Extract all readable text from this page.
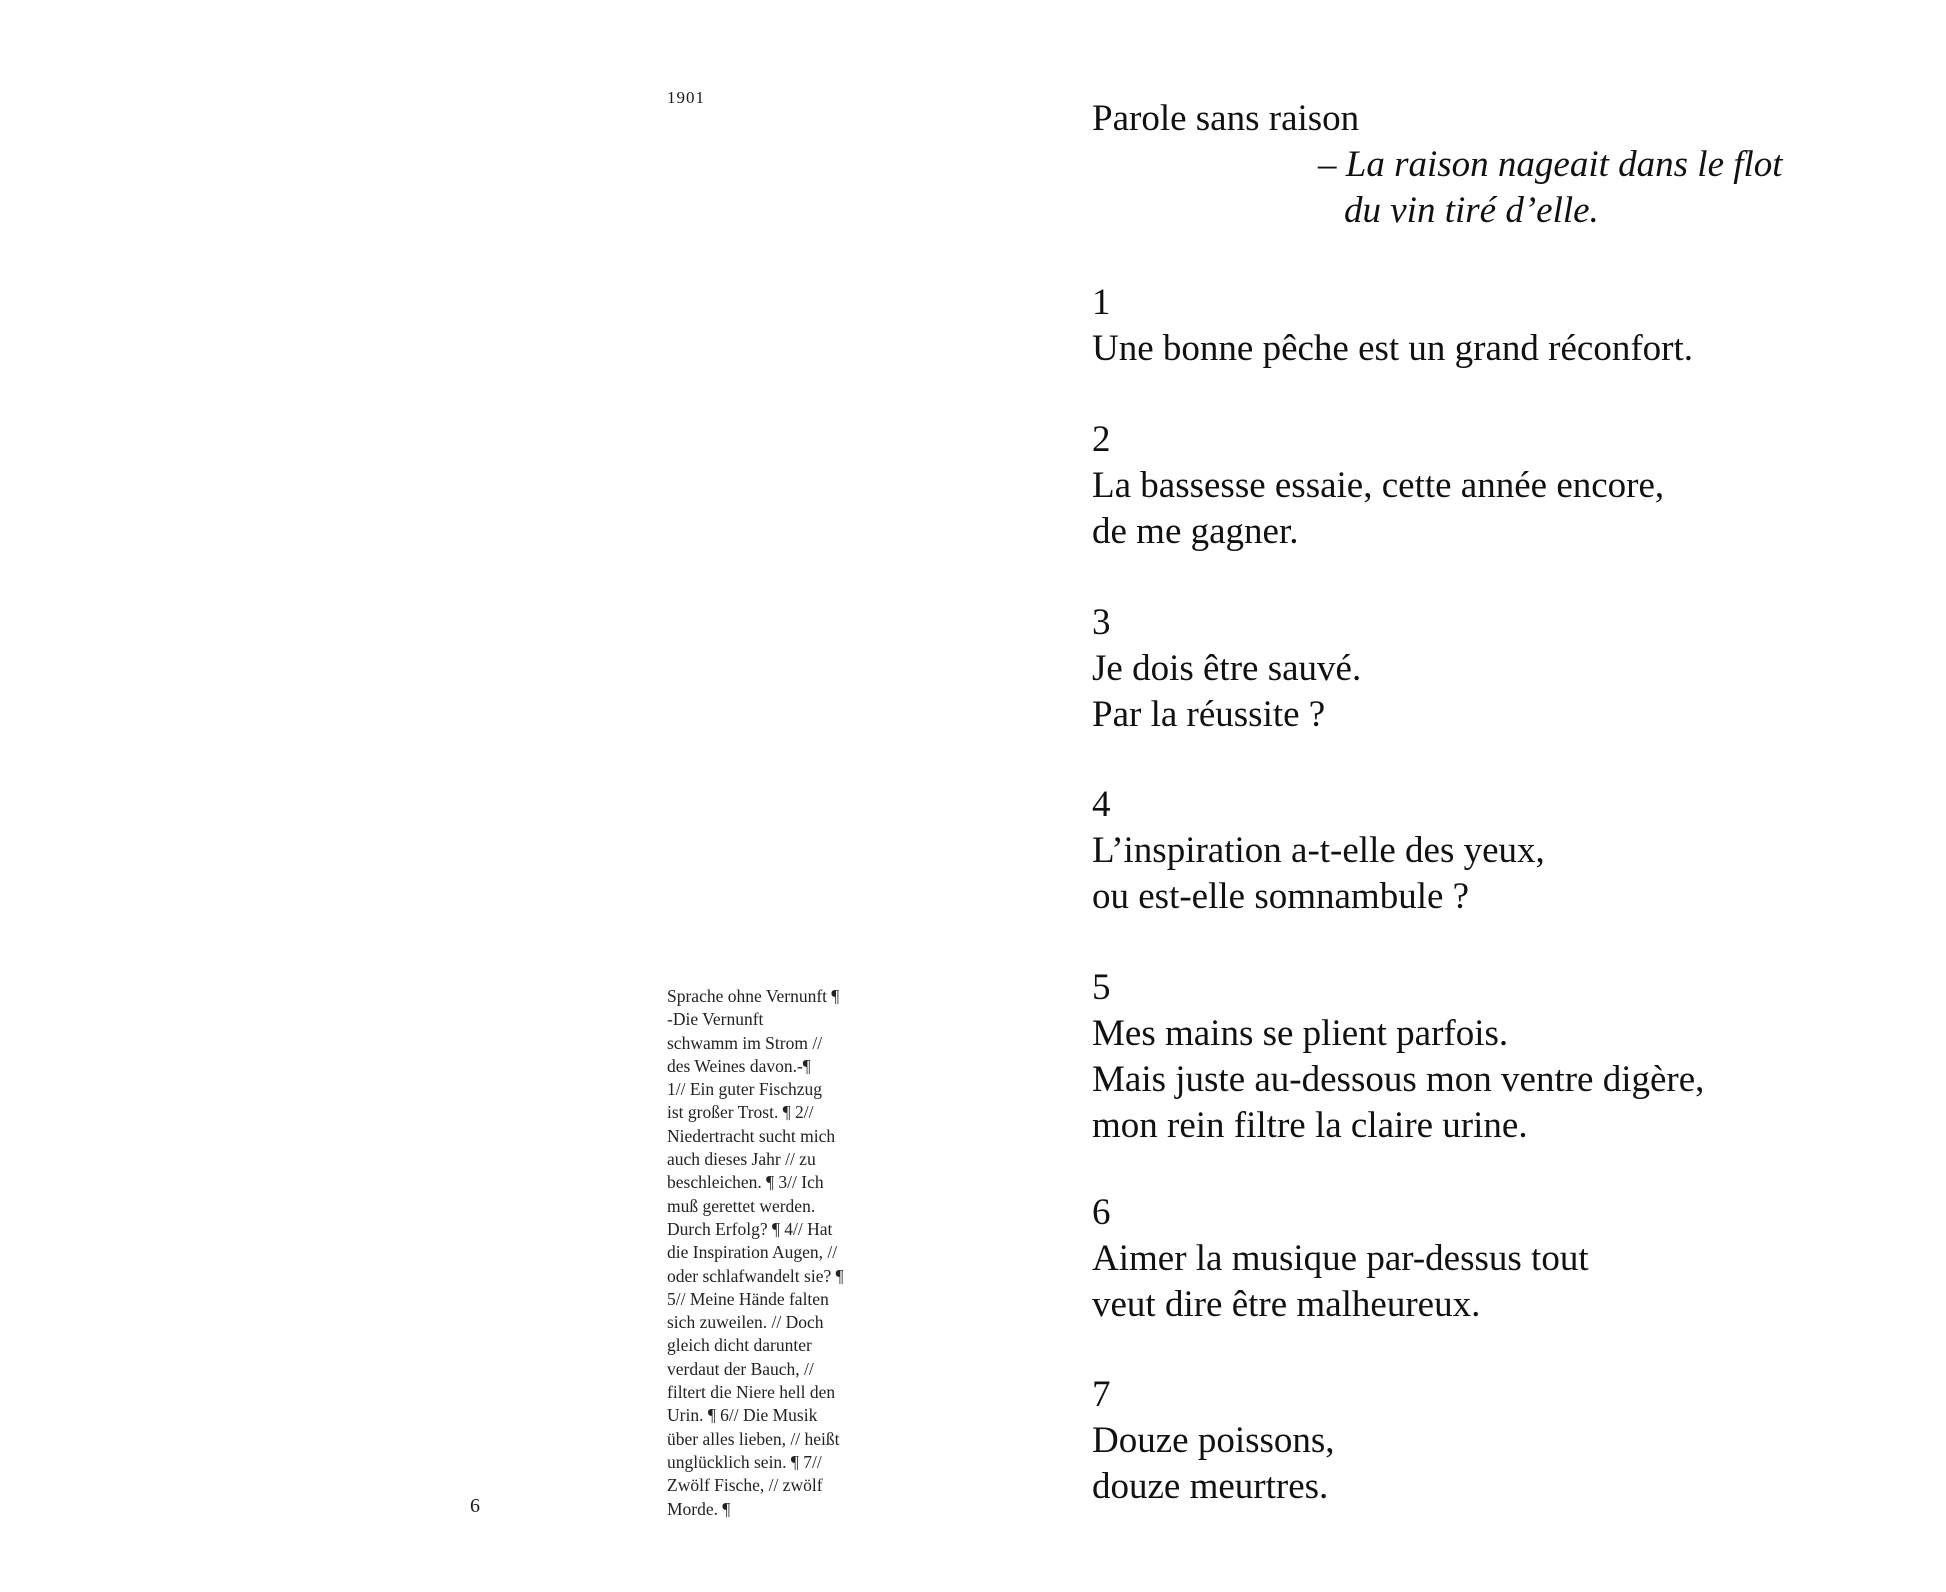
1901
Sprache ohne Vernunft ¶
-Die Vernunft
schwamm im Strom //
des Weines davon.-¶
1// Ein guter Fischzug
ist großer Trost. ¶ 2//
Niedertracht sucht mich
auch dieses Jahr // zu
beschleichen. ¶ 3// Ich
muß gerettet werden.
Durch Erfolg? ¶ 4// Hat
die Inspiration Augen, //
oder schlafwandelt sie? ¶
5// Meine Hände falten
sich zuweilen. // Doch
gleich dicht darunter
verdaut der Bauch, //
filtert die Niere hell den
Urin. ¶ 6// Die Musik
über alles lieben, // heißt
unglücklich sein. ¶ 7//
Zwölf Fische, // zwölf
Morde. ¶
6
Parole sans raison
– La raison nageait dans le flot
du vin tiré d’elle.
1
Une bonne pêche est un grand réconfort.
2
La bassesse essaie, cette année encore,
de me gagner.
3
Je dois être sauvé.
Par la réussite ?
4
L’inspiration a-t-elle des yeux,
ou est-elle somnambule ?
5
Mes mains se plient parfois.
Mais juste au-dessous mon ventre digère,
mon rein filtre la claire urine.
6
Aimer la musique par-dessus tout
veut dire être malheureux.
7
Douze poissons,
douze meurtres.
